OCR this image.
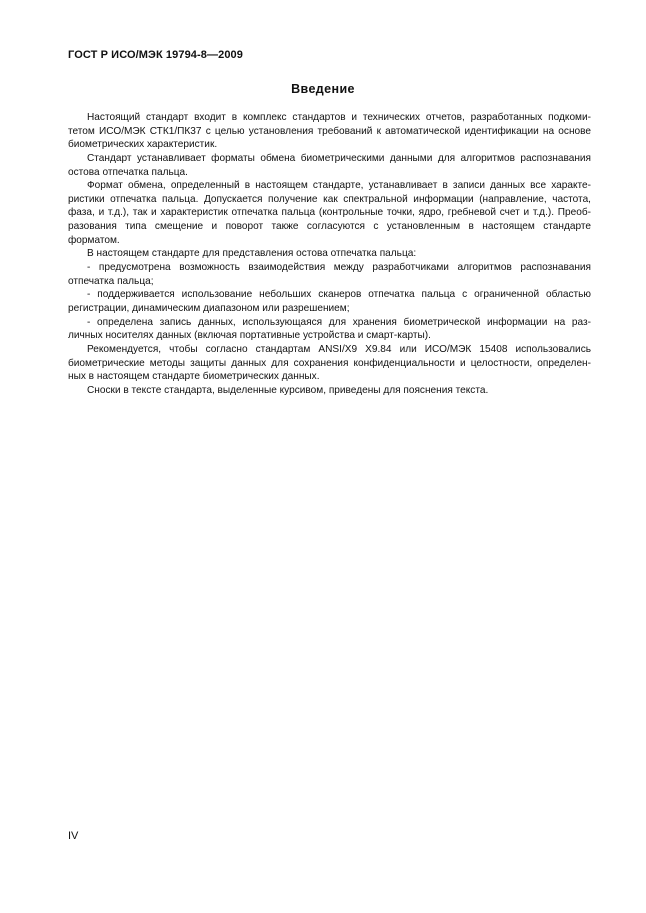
ГОСТ Р ИСО/МЭК 19794-8—2009
Введение
Настоящий стандарт входит в комплекс стандартов и технических отчетов, разработанных подкоми-
тетом ИСО/МЭК СТК1/ПК37 с целью установления требований к автоматической идентификации на основе
биометрических характеристик.
Стандарт устанавливает форматы обмена биометрическими данными для алгоритмов распознавания
остова отпечатка пальца.
Формат обмена, определенный в настоящем стандарте, устанавливает в записи данных все характе-
ристики отпечатка пальца. Допускается получение как спектральной информации (направление, частота,
фаза, и т.д.), так и характеристик отпечатка пальца (контрольные точки, ядро, гребневой счет и т.д.). Преоб-
разования типа смещение и поворот также согласуются с установленным в настоящем стандарте
форматом.
В настоящем стандарте для представления остова отпечатка пальца:
- предусмотрена возможность взаимодействия между разработчиками алгоритмов распознавания
отпечатка пальца;
- поддерживается использование небольших сканеров отпечатка пальца с ограниченной областью
регистрации, динамическим диапазоном или разрешением;
- определена запись данных, использующаяся для хранения биометрической информации на раз-
личных носителях данных (включая портативные устройства и смарт-карты).
Рекомендуется, чтобы согласно стандартам ANSI/X9 X9.84 или ИСО/МЭК 15408 использовались
биометрические методы защиты данных для сохранения конфиденциальности и целостности, определен-
ных в настоящем стандарте биометрических данных.
Сноски в тексте стандарта, выделенные курсивом, приведены для пояснения текста.
IV
